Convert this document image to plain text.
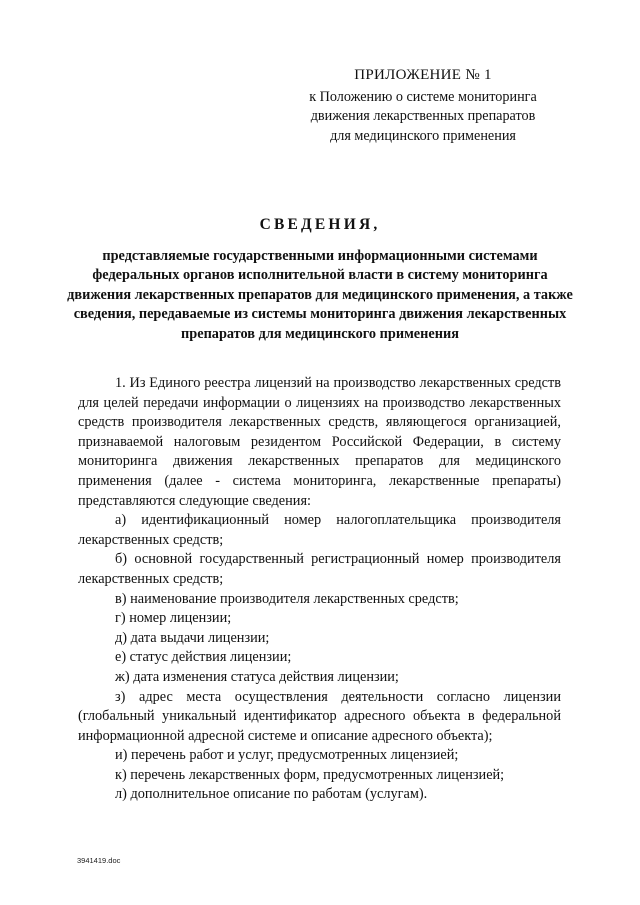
ПРИЛОЖЕНИЕ № 1
к Положению о системе мониторинга
движения лекарственных препаратов
для медицинского применения
СВЕДЕНИЯ,
представляемые государственными информационными системами федеральных органов исполнительной власти в систему мониторинга движения лекарственных препаратов для медицинского применения, а также сведения, передаваемые из системы мониторинга движения лекарственных препаратов для медицинского применения

1. Из Единого реестра лицензий на производство лекарственных средств для целей передачи информации о лицензиях на производство лекарственных средств производителя лекарственных средств, являющегося организацией, признаваемой налоговым резидентом Российской Федерации, в систему мониторинга движения лекарственных препаратов для медицинского применения (далее - система мониторинга, лекарственные препараты) представляются следующие сведения:

а) идентификационный номер налогоплательщика производителя лекарственных средств;

б) основной государственный регистрационный номер производителя лекарственных средств;

в) наименование производителя лекарственных средств;

г) номер лицензии;

д) дата выдачи лицензии;

е) статус действия лицензии;

ж) дата изменения статуса действия лицензии;

з) адрес места осуществления деятельности согласно лицензии (глобальный уникальный идентификатор адресного объекта в федеральной информационной адресной системе и описание адресного объекта);

и) перечень работ и услуг, предусмотренных лицензией;

к) перечень лекарственных форм, предусмотренных лицензией;

л) дополнительное описание по работам (услугам).

3941419.doc
